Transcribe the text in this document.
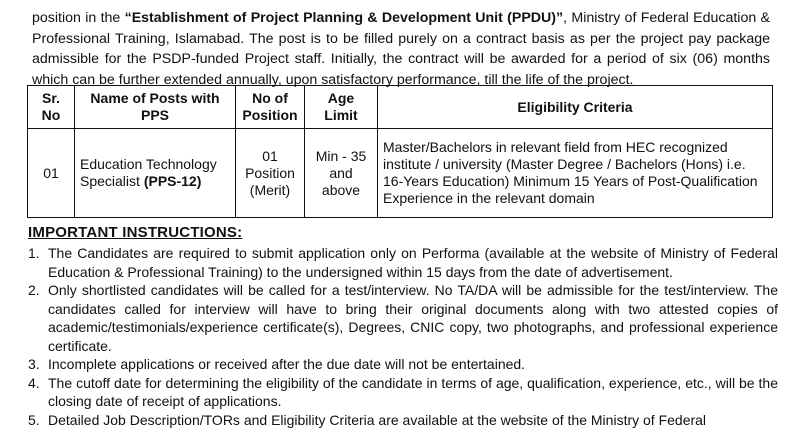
position in the “Establishment of Project Planning & Development Unit (PPDU)”, Ministry of Federal Education & Professional Training, Islamabad. The post is to be filled purely on a contract basis as per the project pay package admissible for the PSDP-funded Project staff. Initially, the contract will be awarded for a period of six (06) months which can be further extended annually, upon satisfactory performance, till the life of the project.

Sr. No	Name of Posts with PPS	No of Position	Age Limit	Eligibility Criteria
01	Education Technology Specialist (PPS-12)	01 Position (Merit)	Min - 35 and above	Master/Bachelors in relevant field from HEC recognized institute / university (Master Degree / Bachelors (Hons) i.e. 16-Years Education) Minimum 15 Years of Post-Qualification Experience in the relevant domain
IMPORTANT INSTRUCTIONS:
1. The Candidates are required to submit application only on Performa (available at the website of Ministry of Federal Education & Professional Training) to the undersigned within 15 days from the date of advertisement.
2. Only shortlisted candidates will be called for a test/interview. No TA/DA will be admissible for the test/interview. The candidates called for interview will have to bring their original documents along with two attested copies of academic/testimonials/experience certificate(s), Degrees, CNIC copy, two photographs, and professional experience certificate.
3. Incomplete applications or received after the due date will not be entertained.
4. The cutoff date for determining the eligibility of the candidate in terms of age, qualification, experience, etc., will be the closing date of receipt of applications.
5. Detailed Job Description/TORs and Eligibility Criteria are available at the website of the Ministry of Federal
